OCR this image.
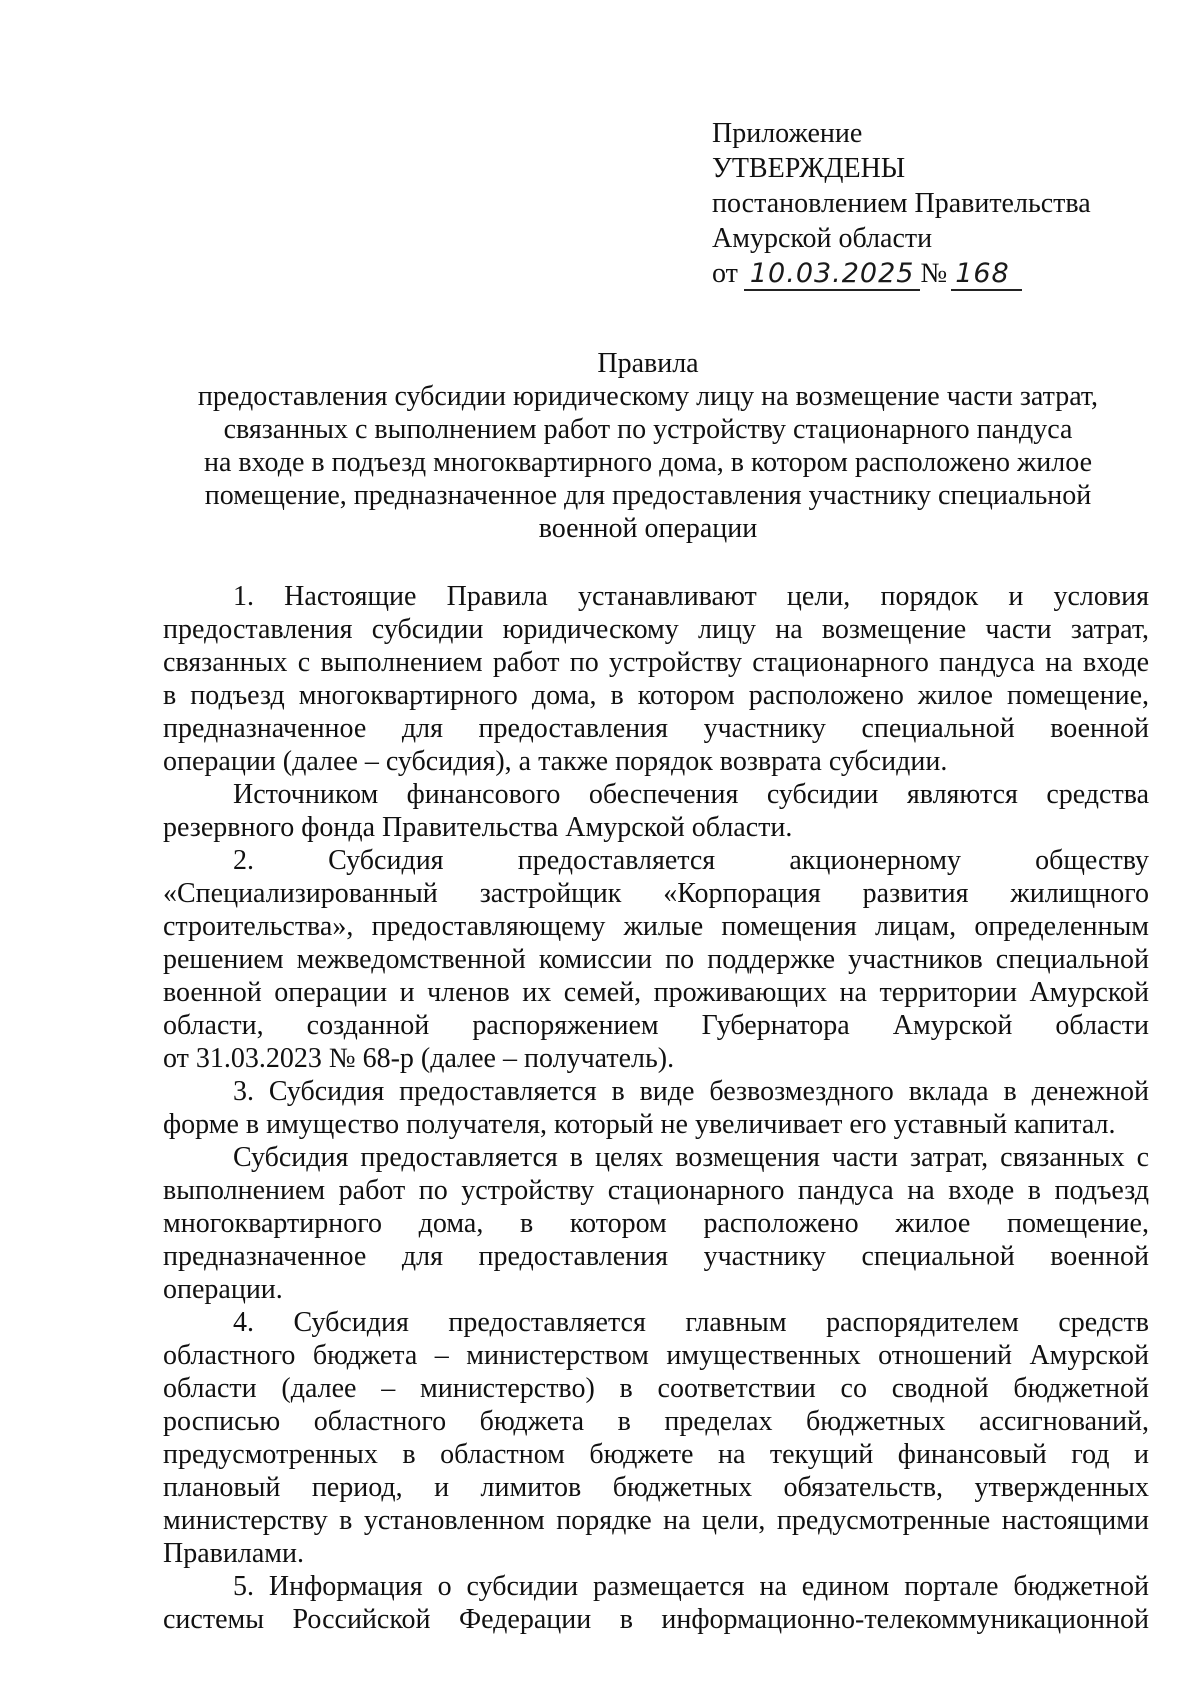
Приложение
УТВЕРЖДЕНЫ
постановлением Правительства
Амурской области
от 10.03.2025 № 168
Правила
предоставления субсидии юридическому лицу на возмещение части затрат,
связанных с выполнением работ по устройству стационарного пандуса
на входе в подъезд многоквартирного дома, в котором расположено жилое
помещение, предназначенное для предоставления участнику специальной
военной операции
1. Настоящие Правила устанавливают цели, порядок и условия
предоставления субсидии юридическому лицу на возмещение части затрат,
связанных с выполнением работ по устройству стационарного пандуса на входе
в подъезд многоквартирного дома, в котором расположено жилое помещение,
предназначенное для предоставления участнику специальной военной
операции (далее – субсидия), а также порядок возврата субсидии.
Источником финансового обеспечения субсидии являются средства
резервного фонда Правительства Амурской области.
2. Субсидия предоставляется акционерному обществу
«Специализированный застройщик «Корпорация развития жилищного
строительства», предоставляющему жилые помещения лицам, определенным
решением межведомственной комиссии по поддержке участников специальной
военной операции и членов их семей, проживающих на территории Амурской
области, созданной распоряжением Губернатора Амурской области
от 31.03.2023 № 68-р (далее – получатель).
3. Субсидия предоставляется в виде безвозмездного вклада в денежной
форме в имущество получателя, который не увеличивает его уставный капитал.
Субсидия предоставляется в целях возмещения части затрат, связанных с
выполнением работ по устройству стационарного пандуса на входе в подъезд
многоквартирного дома, в котором расположено жилое помещение,
предназначенное для предоставления участнику специальной военной
операции.
4. Субсидия предоставляется главным распорядителем средств
областного бюджета – министерством имущественных отношений Амурской
области (далее – министерство) в соответствии со сводной бюджетной
росписью областного бюджета в пределах бюджетных ассигнований,
предусмотренных в областном бюджете на текущий финансовый год и
плановый период, и лимитов бюджетных обязательств, утвержденных
министерству в установленном порядке на цели, предусмотренные настоящими
Правилами.
5. Информация о субсидии размещается на едином портале бюджетной
системы Российской Федерации в информационно-телекоммуникационной
